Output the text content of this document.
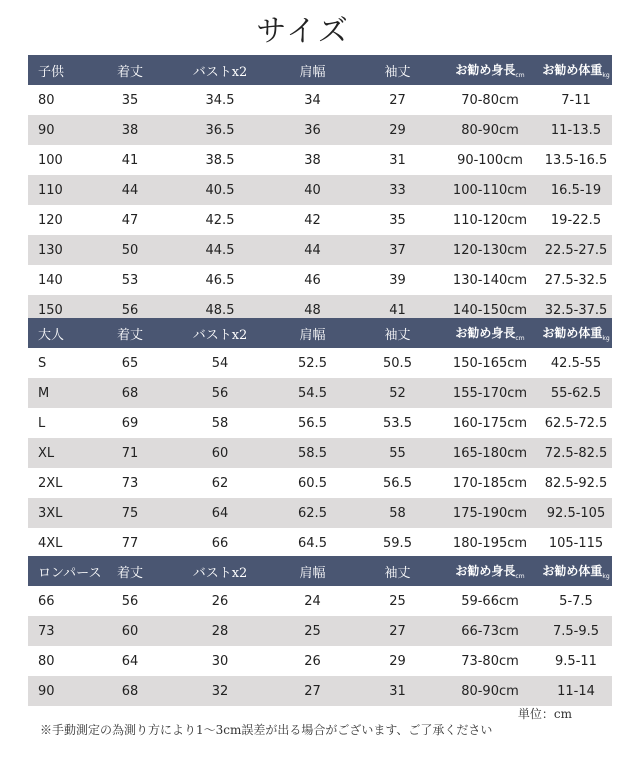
サイズ
子供	着丈	バストx2	肩幅	袖丈	お勧め身長$_{cm}$	お勧め体重$_{kg}$
80	35	34.5	34	27	70-80cm	7-11
90	38	36.5	36	29	80-90cm	11-13.5
100	41	38.5	38	31	90-100cm	13.5-16.5
110	44	40.5	40	33	100-110cm	16.5-19
120	47	42.5	42	35	110-120cm	19-22.5
130	50	44.5	44	37	120-130cm	22.5-27.5
140	53	46.5	46	39	130-140cm	27.5-32.5
150	56	48.5	48	41	140-150cm	32.5-37.5
大人	着丈	バストx2	肩幅	袖丈	お勧め身長$_{cm}$	お勧め体重$_{kg}$
S	65	54	52.5	50.5	150-165cm	42.5-55
M	68	56	54.5	52	155-170cm	55-62.5
L	69	58	56.5	53.5	160-175cm	62.5-72.5
XL	71	60	58.5	55	165-180cm	72.5-82.5
2XL	73	62	60.5	56.5	170-185cm	82.5-92.5
3XL	75	64	62.5	58	175-190cm	92.5-105
4XL	77	66	64.5	59.5	180-195cm	105-115
ロンパース	着丈	バストx2	肩幅	袖丈	お勧め身長$_{cm}$	お勧め体重$_{kg}$
66	56	26	24	25	59-66cm	5-7.5
73	60	28	25	27	66-73cm	7.5-9.5
80	64	30	26	29	73-80cm	9.5-11
90	68	32	27	31	80-90cm	11-14
単位：cm
※手動測定の為測り方により1〜3cm誤差が出る場合がございます、ご了承ください
